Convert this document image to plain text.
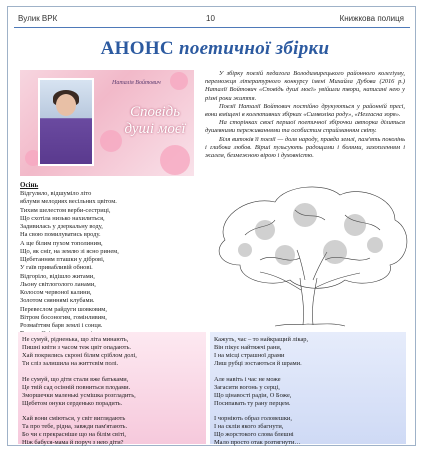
Вулик ВРК	10	Книжкова полиця
АНОНС поетичної збірки
Наталія Войтович
Сповідь душі моєї

У збірку поезій педагога Володимирецького районного колегіуму, переможця літературного конкурсу імені Михайла Дубова (2016 р.) Наталії Войтович «Сповідь душі моєї» увійшли твори, написані нею у різні роки життя.

Поезії Наталії Войтович постійно друкуються у районній пресі, вони вміщені в колективних збірках «Символіка роду», «Незгасна зоря».

На сторінках своєї першої поетичної збірочки авторка ділиться душевними переживаннями та особистим сприйманням світу.

Біля витоків її поезії — доля народу, правда землі, пам'ять поколінь і глибока любов. Вірші пульсують радощами і болями, захопленням і жалем, безмежною вірою і духовністю.

Осінь
Відгуляло, відшуміло літо
яблуми мелодиях весільних цвітом.
Тихим шелестом верби-сестриці,
Що схотіла низько нахилиться,
Задивилась у дзеркальну воду,
На свою помилуватись вроду.
А ще білим пухом тополиним,
Що, як сніг, на землю зі ясно ринем,
Щебетанням пташки у діброві,
У гаїв привабливій обнові.
Відгоріло, відішло житами,
Льону світлоголого ланами,
Колосом червоної калини,
Золотом сяяннямі клубами.
Перевеслом райдуги шовковим,
Вітром босоногим, гомінливим,
Розмаїттям барв землі і сонця.
Не сумуй, рідненька, що літа минають,
Пишні квіти з часом теж цвіт опадають.
Хай покрились скроні білим сріблом долі,
Ти сліз залишила на життєвім полі.
Не сумуй, що діти стали вже батьками,
Це твій сад осінній повниться плодами.
Зморшечки маленькі усмішка розгладить,
Щебетом онуки серденько порадить.
Хай вони сміються, у світ виглядають
Та про тебе, рідна, завжди пам'ятають.
Бо чи є прекрасніше що на білім світі,
Ніж бабуся-мама й поруч з нею діти?
Кажуть, час – то найкращий лікар,
Він пікує найтяжчі рани,
І на місці страшної драми
Лиш рубці зостаються й шрами.
Але навіть і час не може
Загасити вогонь у серці,
Що цінавості радіи, О Боже,
Посипавать ту рану перцем.
І чорніють образ головешки,
І на скліи якого збагнути,
Що жорстокого слова блешні
Мало просто отак розтягнути…
